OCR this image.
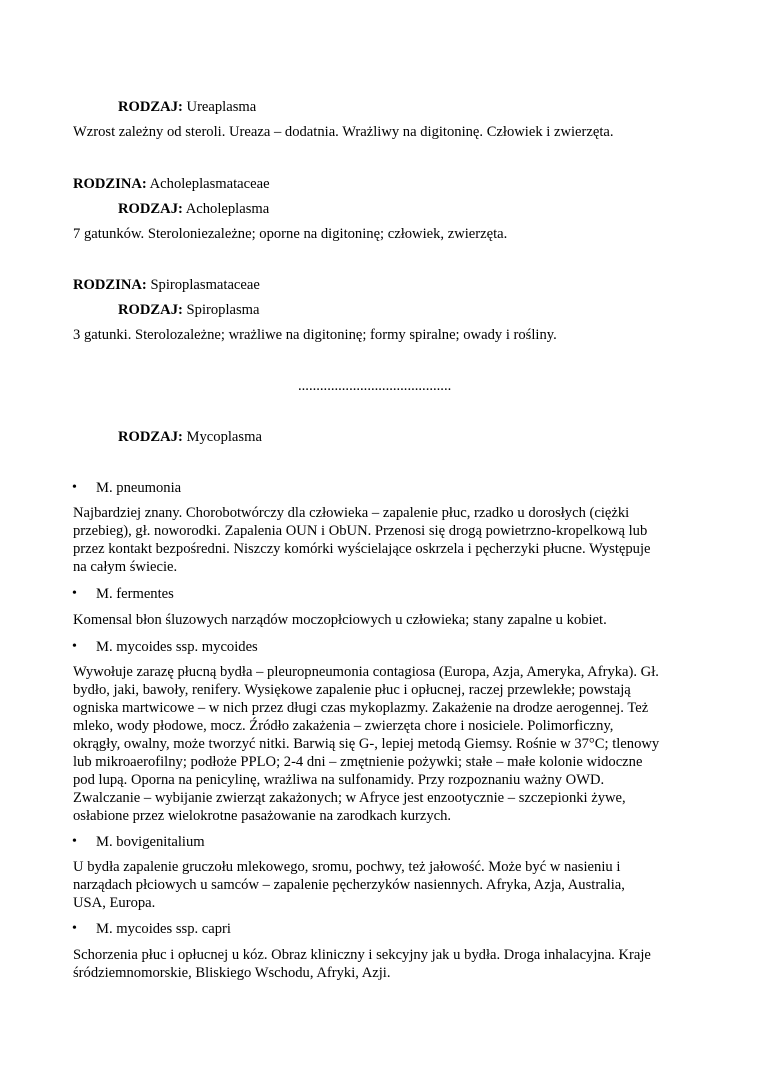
RODZAJ: Ureaplasma
Wzrost zależny od steroli. Ureaza – dodatnia. Wrażliwy na digitoninę. Człowiek i zwierzęta.
RODZINA: Acholeplasmataceae
RODZAJ: Acholeplasma
7 gatunków. Steroloniezależne; oporne na digitoninę; człowiek, zwierzęta.
RODZINA: Spiroplasmataceae
RODZAJ: Spiroplasma
3 gatunki. Sterolozależne; wrażliwe na digitoninę; formy spiralne; owady i rośliny.
..........................................
RODZAJ: Mycoplasma
• M. pneumonia
Najbardziej znany. Chorobotwórczy dla człowieka – zapalenie płuc, rzadko u dorosłych (ciężki
przebieg), gł. noworodki. Zapalenia OUN i ObUN. Przenosi się drogą powietrzno-kropelkową lub
przez kontakt bezpośredni. Niszczy komórki wyścielające oskrzela i pęcherzyki płucne. Występuje
na całym świecie.
• M. fermentes
Komensal błon śluzowych narządów moczopłciowych u człowieka; stany zapalne u kobiet.
• M. mycoides ssp. mycoides
Wywołuje zarazę płucną bydła – pleuropneumonia contagiosa (Europa, Azja, Ameryka, Afryka). Gł.
bydło, jaki, bawoły, renifery. Wysiękowe zapalenie płuc i opłucnej, raczej przewlekłe; powstają
ogniska martwicowe – w nich przez długi czas mykoplazmy. Zakażenie na drodze aerogennej. Też
mleko, wody płodowe, mocz. Źródło zakażenia – zwierzęta chore i nosiciele. Polimorficzny,
okrągły, owalny, może tworzyć nitki. Barwią się G-, lepiej metodą Giemsy. Rośnie w 37°C; tlenowy
lub mikroaerofilny; podłoże PPLO; 2-4 dni – zmętnienie pożywki; stałe – małe kolonie widoczne
pod lupą. Oporna na penicylinę, wrażliwa na sulfonamidy. Przy rozpoznaniu ważny OWD.
Zwalczanie – wybijanie zwierząt zakażonych; w Afryce jest enzootycznie – szczepionki żywe,
osłabione przez wielokrotne pasażowanie na zarodkach kurzych.
• M. bovigenitalium
U bydła zapalenie gruczołu mlekowego, sromu, pochwy, też jałowość. Może być w nasieniu i
narządach płciowych u samców – zapalenie pęcherzyków nasiennych. Afryka, Azja, Australia,
USA, Europa.
• M. mycoides ssp. capri
Schorzenia płuc i opłucnej u kóz. Obraz kliniczny i sekcyjny jak u bydła. Droga inhalacyjna. Kraje
śródziemnomorskie, Bliskiego Wschodu, Afryki, Azji.
